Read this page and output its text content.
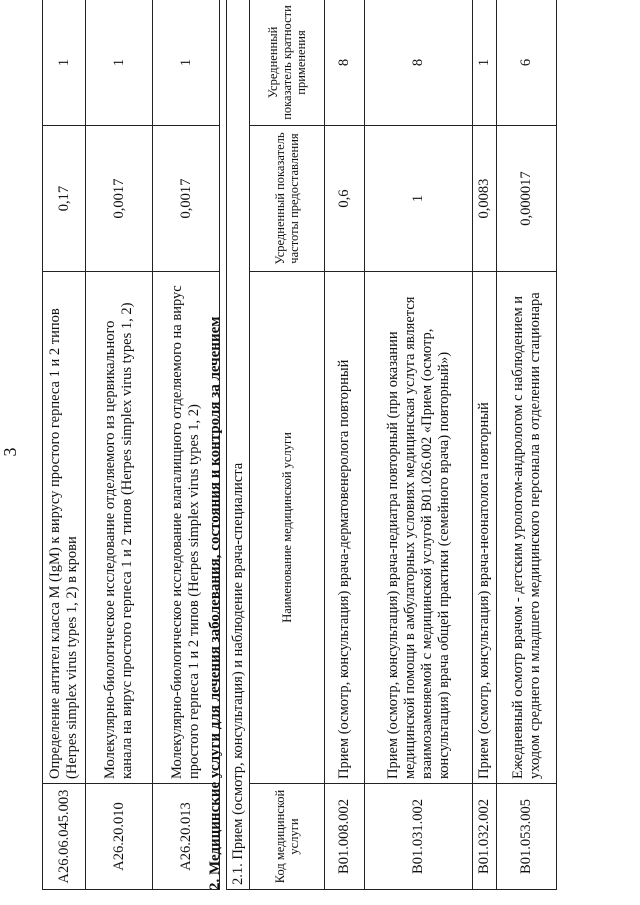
3
A26.06.045.003	Определение антител класса M (IgM) к вирусу простого герпеса 1 и 2 типов (Herpes simplex virus types 1, 2) в крови	0,17	1
A26.20.010	Молекулярно-биологическое исследование отделяемого из цервикального канала на вирус простого герпеса 1 и 2 типов (Herpes simplex virus types 1, 2)	0,0017	1
A26.20.013	Молекулярно-биологическое исследование влагалищного отделяемого на вирус простого герпеса 1 и 2 типов (Herpes simplex virus types 1, 2)	0,0017	1
2. Медицинские услуги для лечения заболевания, состояния и контроля за лечением 2.1. Прием (осмотр, консультация) и наблюдение врача-специалиста			
Код медицинской услуги	Наименование медицинской услуги	Усредненный показатель частоты предоставления	Усредненный показатель кратности применения
B01.008.002	Прием (осмотр, консультация) врача-дерматовенеролога повторный	0,6	8
B01.031.002	Прием (осмотр, консультация) врача-педиатра повторный (при оказании медицинской помощи в амбулаторных условиях медицинская услуга является взаимозаменяемой с медицинской услугой B01.026.002 «Прием (осмотр, консультация) врача общей практики (семейного врача) повторный»)	1	8
B01.032.002	Прием (осмотр, консультация) врача-неонатолога повторный	0,0083	1
B01.053.005	Ежедневный осмотр врачом - детским урологом-андрологом с наблюдением и уходом среднего и младшего медицинского персонала в отделении стационара	0,000017	6
